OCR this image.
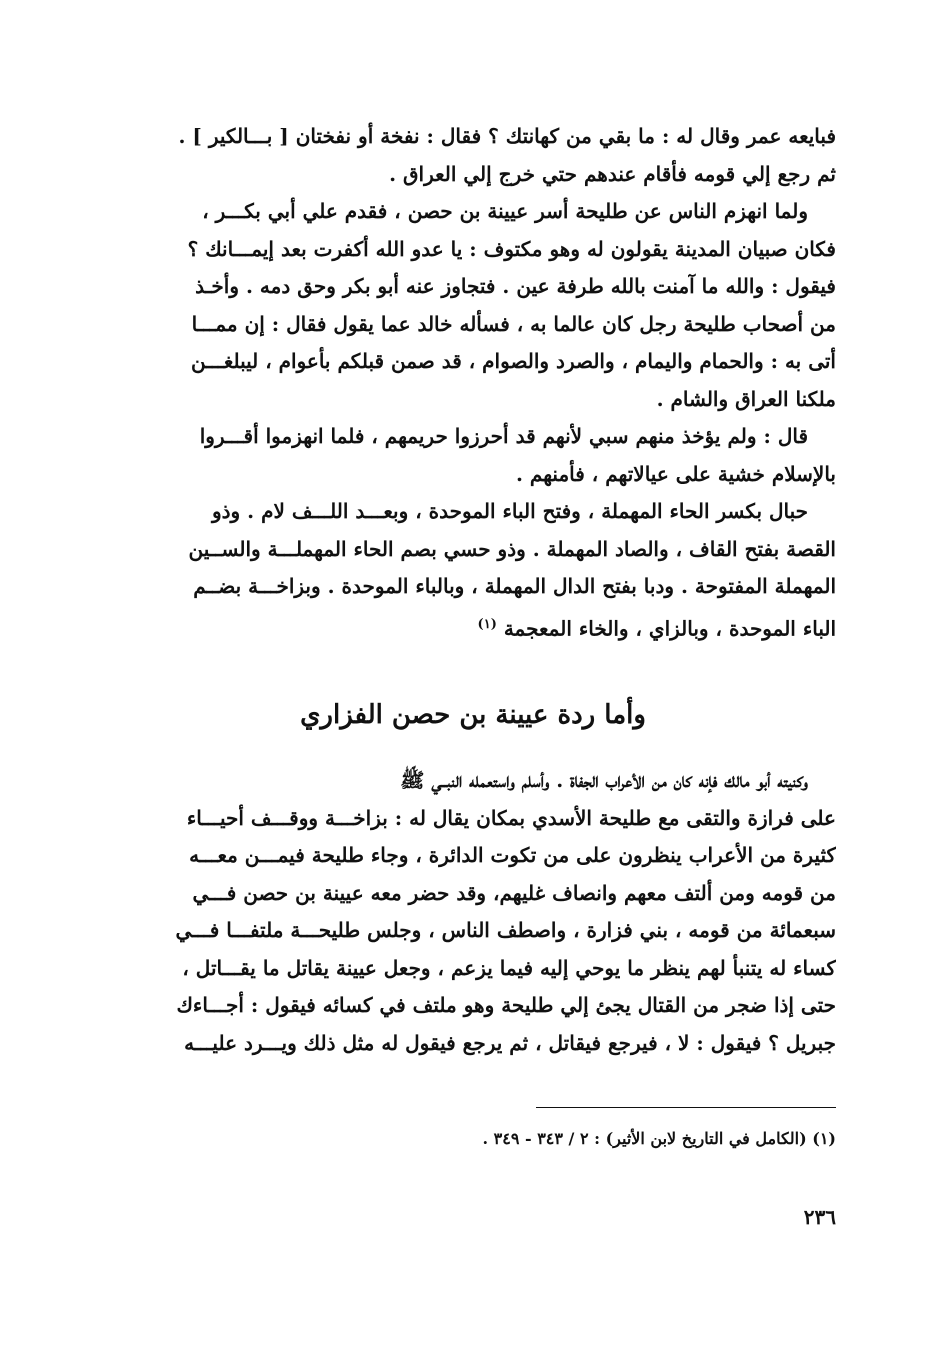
فبايعه عمر وقال له : ما بقي من كهانتك ؟ فقال : نفخة أو نفختان [ بـــالكير ] .
ثم رجع إلي قومه فأقام عندهم حتي خرج إلي العراق .

ولما انهزم الناس عن طليحة أسر عيينة بن حصن ، فقدم علي أبي بكـــر ،
فكان صبيان المدينة يقولون له وهو مكتوف : يا عدو الله أكفرت بعد إيمـــانك ؟
فيقول : والله ما آمنت بالله طرفة عين . فتجاوز عنه أبو بكر وحق دمه . وأخـذ
من أصحاب طليحة رجل كان عالما به ، فسأله خالد عما يقول فقال : إن ممـــا
أتى به : والحمام واليمام ، والصرد والصوام ، قد صمن قبلكم بأعوام ، ليبلغـــن
ملكنا العراق والشام .

قال : ولم يؤخذ منهم سبي لأنهم قد أحرزوا حريمهم ، فلما انهزموا أقـــروا
بالإسلام خشية على عيالاتهم ، فأمنهم .

حبال بكسر الحاء المهملة ، وفتح الباء الموحدة ، وبعـــد اللـــف لام . وذو
القصة بفتح القاف ، والصاد المهملة . وذو حسي بصم الحاء المهملـــة والســين
المهملة المفتوحة . ودبا بفتح الدال المهملة ، وبالباء الموحدة . وبزاخـــة بضــم
الباء الموحدة ، وبالزاي ، والخاء المعجمة $^{(١)}$

وأما ردة عيينة بن حصن الفزاري

وكنيته أبو مالك فإنه كان من الأعراب الجفاة . وأسلم واستعمله النبــي ﷺ
على فرازة والتقى مع طليحة الأسدي بمكان يقال له : بزاخـــة ووقـــف أحيـــاء
كثيرة من الأعراب ينظرون على من تكوت الدائرة ، وجاء طليحة فيمـــن معـــه
من قومه ومن ألتف معهم وانصاف غليهم، وقد حضر معه عيينة بن حصن فـــي
سبعمائة من قومه ، بني فزارة ، واصطف الناس ، وجلس طليحـــة ملتفـــا فـــي
كساء له يتنبأ لهم ينظر ما يوحي إليه فيما يزعم ، وجعل عيينة يقاتل ما يقـــاتل ،
حتى إذا ضجر من القتال يجئ إلي طليحة وهو ملتف في كسائه فيقول : أجـــاءك
جبريل ؟ فيقول : لا ، فيرجع فيقاتل ، ثم يرجع فيقول له مثل ذلك ويـــرد عليـــه

(١) (الكامل في التاريخ لابن الأثير) : ٢ / ٣٤٣ - ٣٤٩ .
٢٣٦
